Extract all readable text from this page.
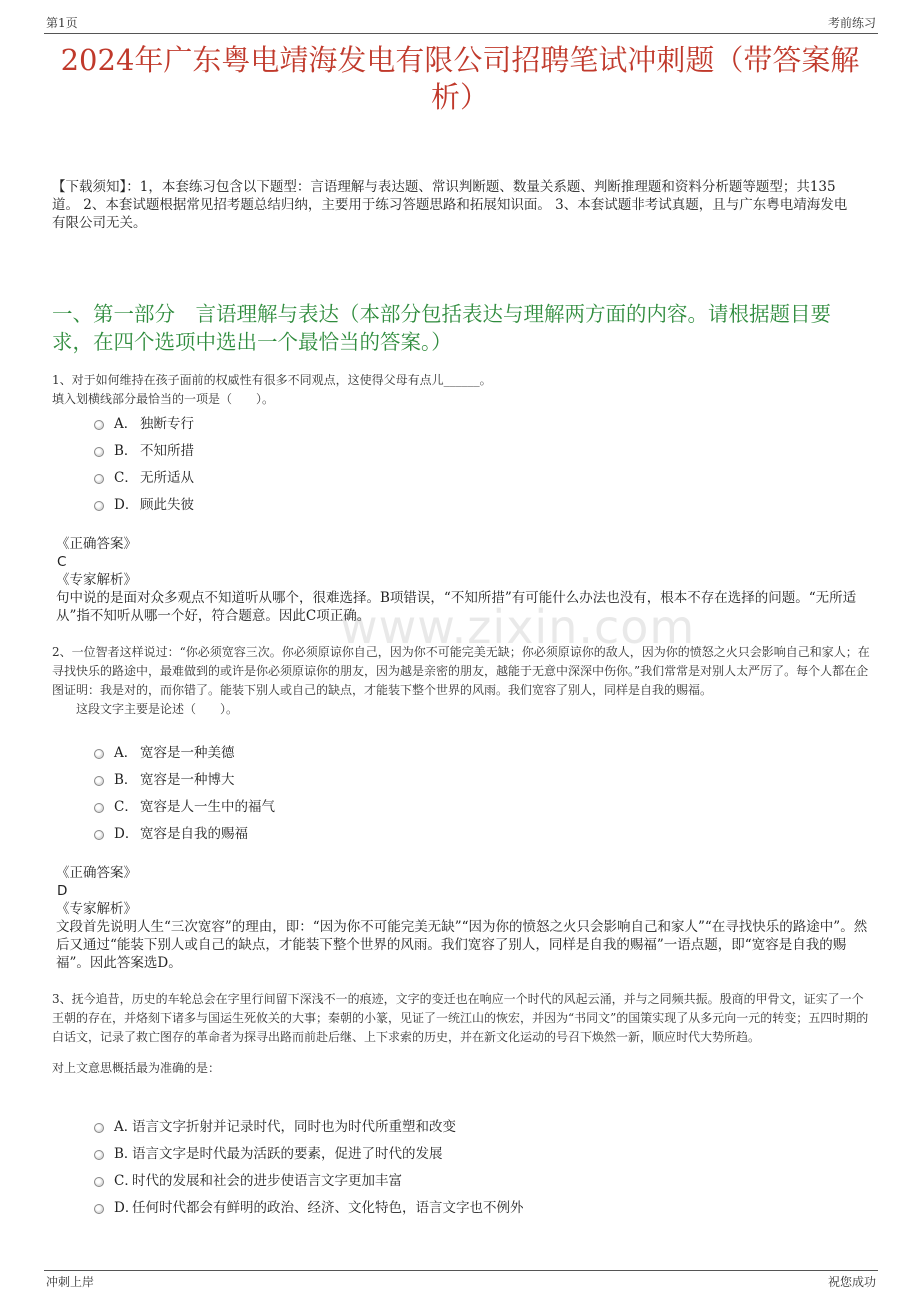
第1页	考前练习
2024年广东粤电靖海发电有限公司招聘笔试冲刺题（带答案解析）
【下载须知】：1，本套练习包含以下题型：言语理解与表达题、常识判断题、数量关系题、判断推理题和资料分析题等题型；共135道。 2、本套试题根据常见招考题总结归纳，主要用于练习答题思路和拓展知识面。 3、本套试题非考试真题，且与广东粤电靖海发电有限公司无关。
一、第一部分　言语理解与表达（本部分包括表达与理解两方面的内容。请根据题目要求，在四个选项中选出一个最恰当的答案。）
www.zixin.com

1、对于如何维持在孩子面前的权威性有很多不同观点，这使得父母有点儿______。

填入划横线部分最恰当的一项是（　　）。

A． 独断专行
B． 不知所措
C． 无所适从
D． 顾此失彼

《正确答案》

C

《专家解析》

句中说的是面对众多观点不知道听从哪个，很难选择。B项错误，“不知所措”有可能什么办法也没有，根本不存在选择的问题。“无所适从”指不知听从哪一个好，符合题意。因此C项正确。

2、一位智者这样说过：“你必须宽容三次。你必须原谅你自己，因为你不可能完美无缺；你必须原谅你的敌人，因为你的愤怒之火只会影响自己和家人；在寻找快乐的路途中，最难做到的或许是你必须原谅你的朋友，因为越是亲密的朋友，越能于无意中深深中伤你。”我们常常是对别人太严厉了。每个人都在企图证明：我是对的，而你错了。能装下别人或自己的缺点，才能装下整个世界的风雨。我们宽容了别人，同样是自我的赐福。

这段文字主要是论述（　　）。

A． 宽容是一种美德
B． 宽容是一种博大
C． 宽容是人一生中的福气
D． 宽容是自我的赐福

《正确答案》

D

《专家解析》

文段首先说明人生“三次宽容”的理由，即：“因为你不可能完美无缺”“因为你的愤怒之火只会影响自己和家人”“在寻找快乐的路途中”。然后又通过“能装下别人或自己的缺点，才能装下整个世界的风雨。我们宽容了别人，同样是自我的赐福”一语点题，即“宽容是自我的赐福”。因此答案选D。

3、抚今追昔，历史的车轮总会在字里行间留下深浅不一的痕迹，文字的变迁也在响应一个时代的风起云涌，并与之同频共振。殷商的甲骨文，证实了一个王朝的存在，并烙刻下诸多与国运生死攸关的大事；秦朝的小篆，见证了一统江山的恢宏，并因为“书同文”的国策实现了从多元向一元的转变；五四时期的白话文，记录了救亡图存的革命者为探寻出路而前赴后继、上下求索的历史，并在新文化运动的号召下焕然一新，顺应时代大势所趋。

对上文意思概括最为准确的是：

A．
语言文字折射并记录时代，同时也为时代所重塑和改变
B．
语言文字是时代最为活跃的要素，促进了时代的发展
C．
时代的发展和社会的进步使语言文字更加丰富
D．
任何时代都会有鲜明的政治、经济、文化特色，语言文字也不例外
冲刺上岸	祝您成功
